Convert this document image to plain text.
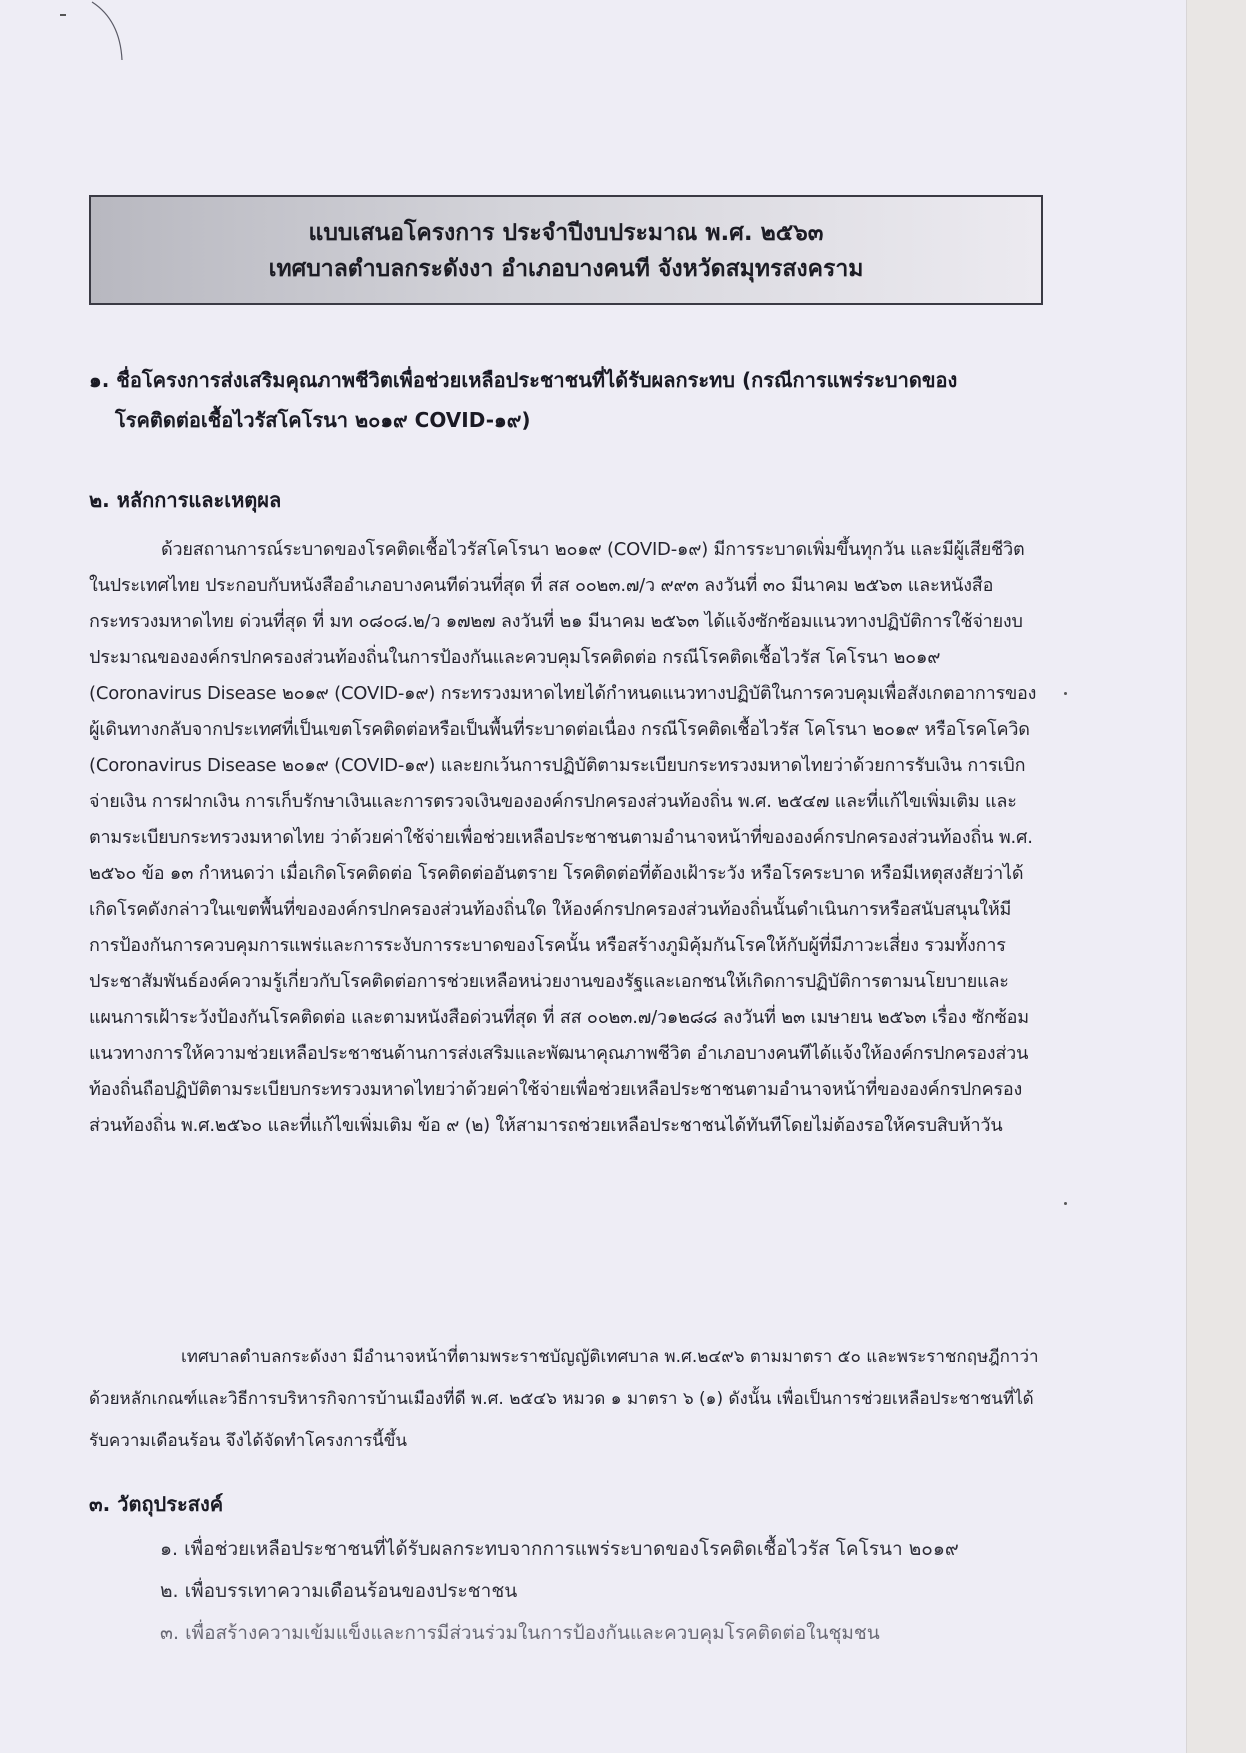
แบบเสนอโครงการ ประจำปีงบประมาณ พ.ศ. ๒๕๖๓
เทศบาลตำบลกระดังงา อำเภอบางคนที จังหวัดสมุทรสงคราม
๑. ชื่อโครงการส่งเสริมคุณภาพชีวิตเพื่อช่วยเหลือประชาชนที่ได้รับผลกระทบ (กรณีการแพร่ระบาดของ
โรคติดต่อเชื้อไวรัสโคโรนา ๒๐๑๙ COVID-๑๙)
๒. หลักการและเหตุผล

ด้วยสถานการณ์ระบาดของโรคติดเชื้อไวรัสโคโรนา ๒๐๑๙ (COVID-๑๙) มีการระบาดเพิ่มขึ้นทุกวัน และมีผู้เสียชีวิตในประเทศไทย ประกอบกับหนังสืออำเภอบางคนทีด่วนที่สุด ที่ สส ๐๐๒๓.๗/ว ๙๙๓ ลงวันที่ ๓๐ มีนาคม ๒๕๖๓ และหนังสือกระทรวงมหาดไทย ด่วนที่สุด ที่ มท ๐๘๐๘.๒/ว ๑๗๒๗ ลงวันที่ ๒๑ มีนาคม ๒๕๖๓ ได้แจ้งซักซ้อมแนวทางปฏิบัติการใช้จ่ายงบประมาณขององค์กรปกครองส่วนท้องถิ่นในการป้องกันและควบคุมโรคติดต่อ กรณีโรคติดเชื้อไวรัส โคโรนา ๒๐๑๙ (Coronavirus Disease ๒๐๑๙ (COVID-๑๙) กระทรวงมหาดไทยได้กำหนดแนวทางปฏิบัติในการควบคุมเพื่อสังเกตอาการของผู้เดินทางกลับจากประเทศที่เป็นเขตโรคติดต่อหรือเป็นพื้นที่ระบาดต่อเนื่อง กรณีโรคติดเชื้อไวรัส โคโรนา ๒๐๑๙ หรือโรคโควิด (Coronavirus Disease ๒๐๑๙ (COVID-๑๙) และยกเว้นการปฏิบัติตามระเบียบกระทรวงมหาดไทยว่าด้วยการรับเงิน การเบิกจ่ายเงิน การฝากเงิน การเก็บรักษาเงินและการตรวจเงินขององค์กรปกครองส่วนท้องถิ่น พ.ศ. ๒๕๔๗ และที่แก้ไขเพิ่มเติม และตามระเบียบกระทรวงมหาดไทย ว่าด้วยค่าใช้จ่ายเพื่อช่วยเหลือประชาชนตามอำนาจหน้าที่ขององค์กรปกครองส่วนท้องถิ่น พ.ศ. ๒๕๖๐ ข้อ ๑๓ กำหนดว่า เมื่อเกิดโรคติดต่อ โรคติดต่ออันตราย โรคติดต่อที่ต้องเฝ้าระวัง หรือโรคระบาด หรือมีเหตุสงสัยว่าได้เกิดโรคดังกล่าวในเขตพื้นที่ขององค์กรปกครองส่วนท้องถิ่นใด ให้องค์กรปกครองส่วนท้องถิ่นนั้นดำเนินการหรือสนับสนุนให้มีการป้องกันการควบคุมการแพร่และการระงับการระบาดของโรคนั้น หรือสร้างภูมิคุ้มกันโรคให้กับผู้ที่มีภาวะเสี่ยง รวมทั้งการประชาสัมพันธ์องค์ความรู้เกี่ยวกับโรคติดต่อการช่วยเหลือหน่วยงานของรัฐและเอกชนให้เกิดการปฏิบัติการตามนโยบายและแผนการเฝ้าระวังป้องกันโรคติดต่อ และตามหนังสือด่วนที่สุด ที่ สส ๐๐๒๓.๗/ว๑๒๘๘ ลงวันที่ ๒๓ เมษายน ๒๕๖๓ เรื่อง ซักซ้อมแนวทางการให้ความช่วยเหลือประชาชนด้านการส่งเสริมและพัฒนาคุณภาพชีวิต อำเภอบางคนทีได้แจ้งให้องค์กรปกครองส่วนท้องถิ่นถือปฏิบัติตามระเบียบกระทรวงมหาดไทยว่าด้วยค่าใช้จ่ายเพื่อช่วยเหลือประชาชนตามอำนาจหน้าที่ขององค์กรปกครองส่วนท้องถิ่น พ.ศ.๒๕๖๐ และที่แก้ไขเพิ่มเติม ข้อ ๙ (๒) ให้สามารถช่วยเหลือประชาชนได้ทันทีโดยไม่ต้องรอให้ครบสิบห้าวัน

เทศบาลตำบลกระดังงา มีอำนาจหน้าที่ตามพระราชบัญญัติเทศบาล พ.ศ.๒๔๙๖ ตามมาตรา ๕๐ และพระราชกฤษฎีกาว่าด้วยหลักเกณฑ์และวิธีการบริหารกิจการบ้านเมืองที่ดี พ.ศ. ๒๕๔๖ หมวด ๑ มาตรา ๖ (๑) ดังนั้น เพื่อเป็นการช่วยเหลือประชาชนที่ได้รับความเดือนร้อน จึงได้จัดทำโครงการนี้ขึ้น

๓. วัตถุประสงค์
๑. เพื่อช่วยเหลือประชาชนที่ได้รับผลกระทบจากการแพร่ระบาดของโรคติดเชื้อไวรัส โคโรนา ๒๐๑๙
๒. เพื่อบรรเทาความเดือนร้อนของประชาชน
๓. เพื่อสร้างความเข้มแข็งและการมีส่วนร่วมในการป้องกันและควบคุมโรคติดต่อในชุมชน
